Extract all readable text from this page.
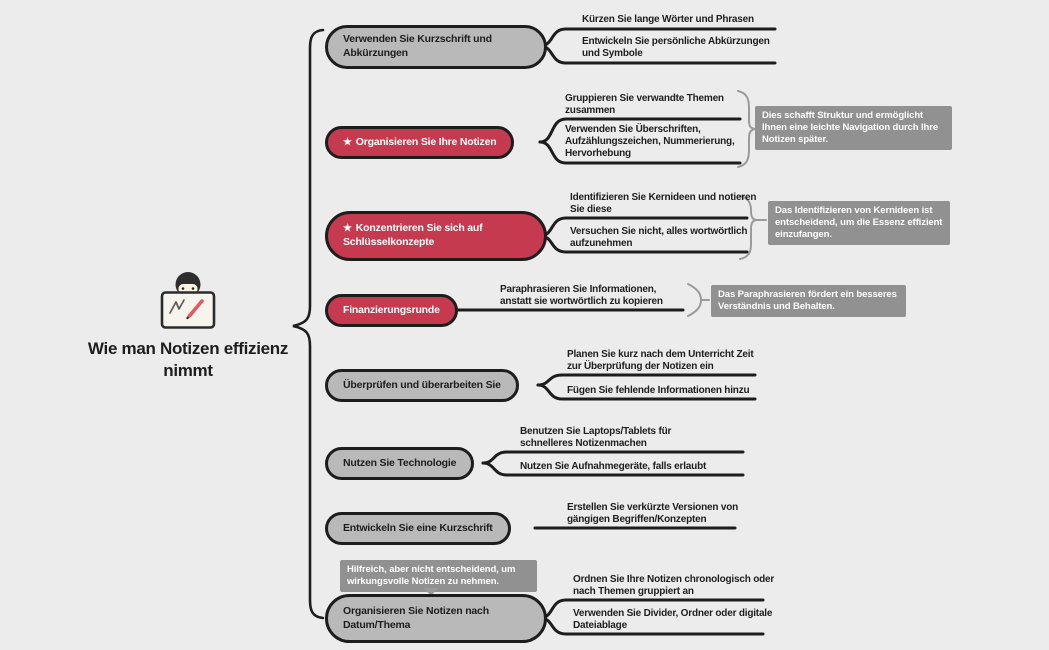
Wie man Notizen effizienz nimmt
Verwenden Sie Kurzschrift und Abkürzungen
Kürzen Sie lange Wörter und Phrasen
Entwickeln Sie persönliche Abkürzungen und Symbole
★ Organisieren Sie Ihre Notizen
Gruppieren Sie verwandte Themen zusammen
Verwenden Sie Überschriften, Aufzählungszeichen, Nummerierung, Hervorhebung
Dies schafft Struktur und ermöglicht Ihnen eine leichte Navigation durch Ihre Notizen später.
★ Konzentrieren Sie sich auf Schlüsselkonzepte
Identifizieren Sie Kernideen und notieren Sie diese
Versuchen Sie nicht, alles wortwörtlich aufzunehmen
Das Identifizieren von Kernideen ist entscheidend, um die Essenz effizient einzufangen.
Finanzierungsrunde
Paraphrasieren Sie Informationen, anstatt sie wortwörtlich zu kopieren
Das Paraphrasieren fördert ein besseres Verständnis und Behalten.
Überprüfen und überarbeiten Sie
Planen Sie kurz nach dem Unterricht Zeit zur Überprüfung der Notizen ein
Fügen Sie fehlende Informationen hinzu
Nutzen Sie Technologie
Benutzen Sie Laptops/Tablets für schnelleres Notizenmachen
Nutzen Sie Aufnahmegeräte, falls erlaubt
Entwickeln Sie eine Kurzschrift
Erstellen Sie verkürzte Versionen von gängigen Begriffen/Konzepten
Hilfreich, aber nicht entscheidend, um wirkungsvolle Notizen zu nehmen.
Organisieren Sie Notizen nach Datum/Thema
Ordnen Sie Ihre Notizen chronologisch oder nach Themen gruppiert an
Verwenden Sie Divider, Ordner oder digitale Dateiablage
